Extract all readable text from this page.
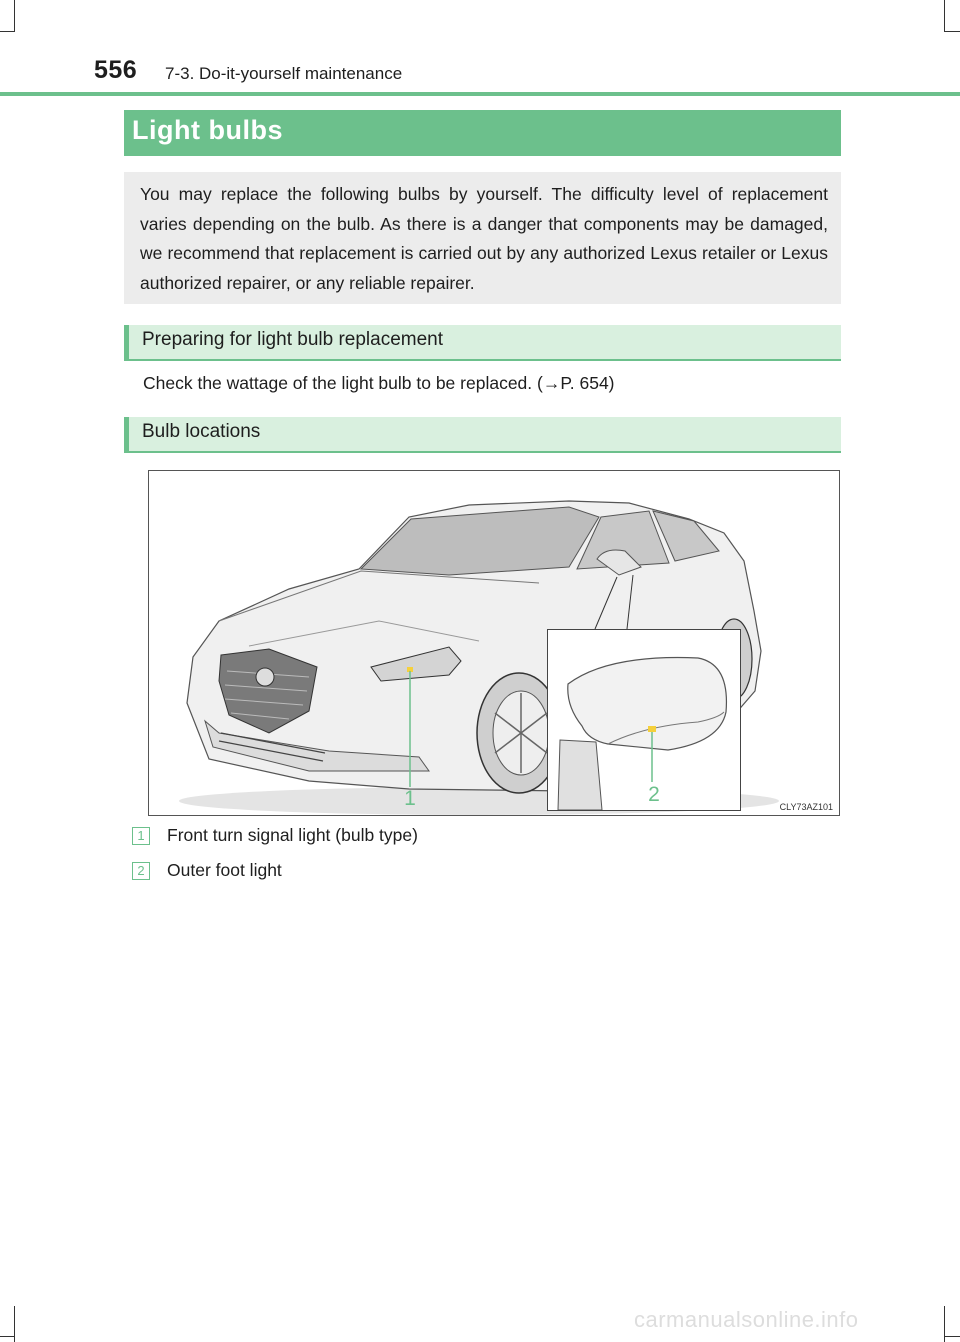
556 7-3. Do-it-yourself maintenance
Light bulbs

You may replace the following bulbs by yourself. The difficulty level of replacement varies depending on the bulb. As there is a danger that components may be damaged, we recommend that replacement is carried out by any authorized Lexus retailer or Lexus authorized repairer, or any reliable repairer.

Preparing for light bulb replacement
Check the wattage of the light bulb to be replaced. (→P. 654)
Bulb locations
1	2
CLY73AZ101
1	Front turn signal light (bulb type)
2	Outer foot light
carmanualsonline.info
